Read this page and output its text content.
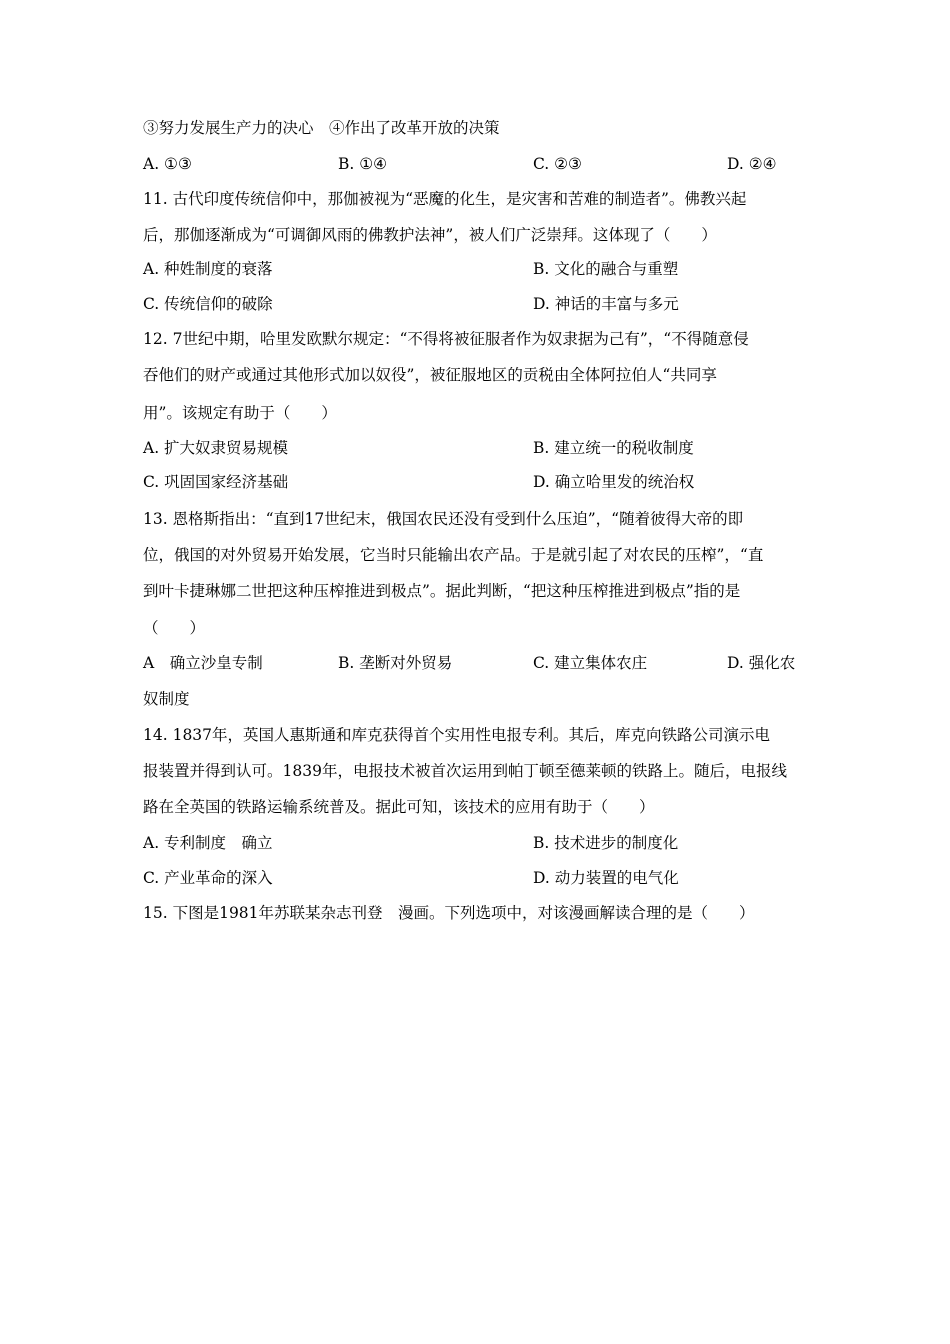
③努力发展生产力的决心　④作出了改革开放的决策
A. ①③	B. ①④	C. ②③	D. ②④
11. 古代印度传统信仰中，那伽被视为“恶魔的化生，是灾害和苦难的制造者”。佛教兴起
后，那伽逐渐成为“可调御风雨的佛教护法神”，被人们广泛崇拜。这体现了（　　）
A. 种姓制度的衰落	B. 文化的融合与重塑
C. 传统信仰的破除	D. 神话的丰富与多元
12. 7世纪中期，哈里发欧默尔规定：“不得将被征服者作为奴隶据为己有”，“不得随意侵
吞他们的财产或通过其他形式加以奴役”，被征服地区的贡税由全体阿拉伯人“共同享
用”。该规定有助于（　　）
A. 扩大奴隶贸易规模	B. 建立统一的税收制度
C. 巩固国家经济基础	D. 确立哈里发的统治权
13. 恩格斯指出：“直到17世纪末，俄国农民还没有受到什么压迫”，“随着彼得大帝的即
位，俄国的对外贸易开始发展，它当时只能输出农产品。于是就引起了对农民的压榨”，“直
到叶卡捷琳娜二世把这种压榨推进到极点”。据此判断，“把这种压榨推进到极点”指的是
（　　）
A　确立沙皇专制	B. 垄断对外贸易	C. 建立集体农庄	D. 强化农
奴制度
14. 1837年，英国人惠斯通和库克获得首个实用性电报专利。其后，库克向铁路公司演示电
报装置并得到认可。1839年，电报技术被首次运用到帕丁顿至德莱顿的铁路上。随后，电报线
路在全英国的铁路运输系统普及。据此可知，该技术的应用有助于（　　）
A. 专利制度　确立	B. 技术进步的制度化
C. 产业革命的深入	D. 动力装置的电气化
15. 下图是1981年苏联某杂志刊登　漫画。下列选项中，对该漫画解读合理的是（　　）
